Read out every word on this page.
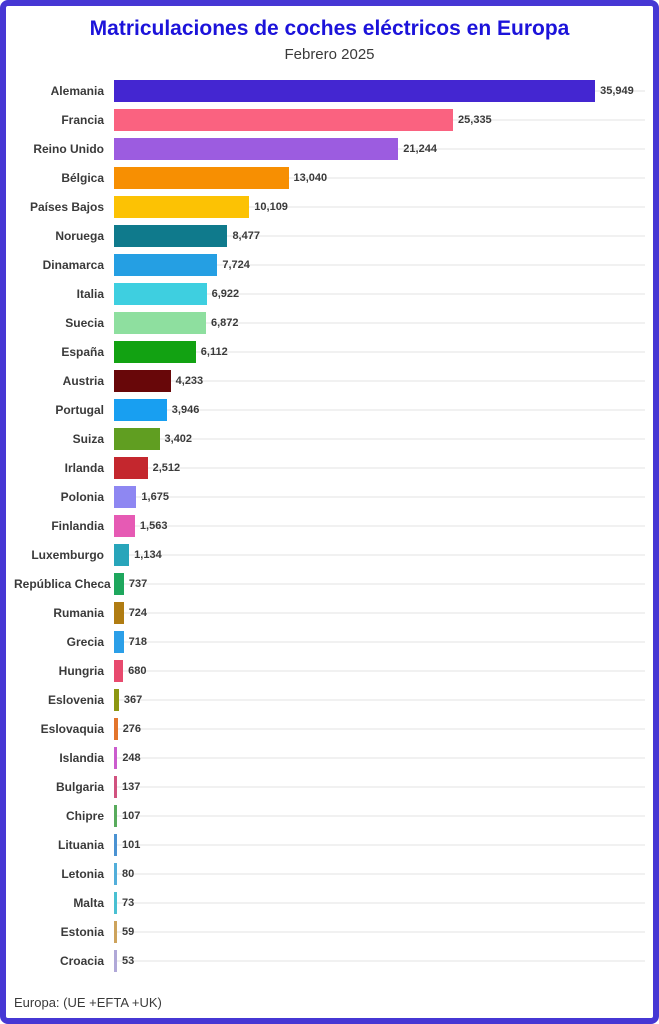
Matriculaciones de coches eléctricos en Europa
Febrero 2025
Alemania	35,949
Francia	25,335
Reino Unido	21,244
Bélgica	13,040
Países Bajos	10,109
Noruega	8,477
Dinamarca	7,724
Italia	6,922
Suecia	6,872
España	6,112
Austria	4,233
Portugal	3,946
Suiza	3,402
Irlanda	2,512
Polonia	1,675
Finlandia	1,563
Luxemburgo	1,134
República Checa 737
Rumania	724
Grecia	718
Hungria	680
Eslovenia	367
Eslovaquia	276
Islandia	248
Bulgaria	137
Chipre	107
Lituania	101
Letonia	80
Malta	73
Estonia	59
Croacia	53
Europa: (UE +EFTA +UK)
